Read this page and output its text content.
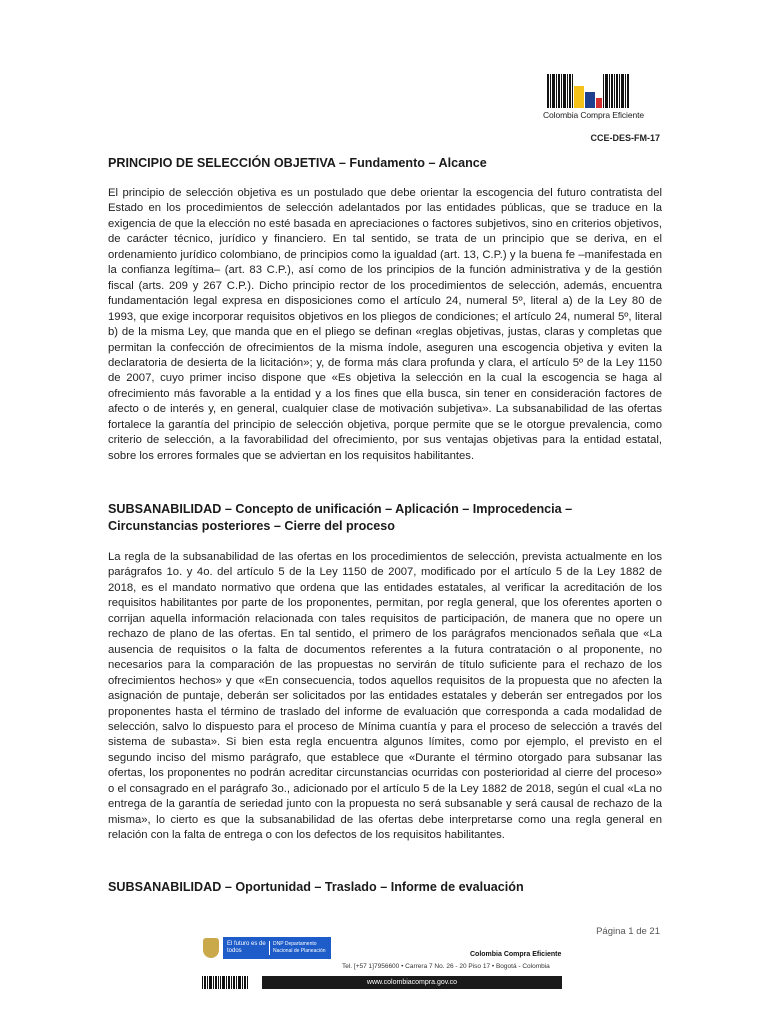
Colombia Compra Eficiente
CCE-DES-FM-17
PRINCIPIO DE SELECCIÓN OBJETIVA – Fundamento – Alcance
El principio de selección objetiva es un postulado que debe orientar la escogencia del futuro contratista del Estado en los procedimientos de selección adelantados por las entidades públicas, que se traduce en la exigencia de que la elección no esté basada en apreciaciones o factores subjetivos, sino en criterios objetivos, de carácter técnico, jurídico y financiero. En tal sentido, se trata de un principio que se deriva, en el ordenamiento jurídico colombiano, de principios como la igualdad (art. 13, C.P.) y la buena fe –manifestada en la confianza legítima– (art. 83 C.P.), así como de los principios de la función administrativa y de la gestión fiscal (arts. 209 y 267 C.P.). Dicho principio rector de los procedimientos de selección, además, encuentra fundamentación legal expresa en disposiciones como el artículo 24, numeral 5º, literal a) de la Ley 80 de 1993, que exige incorporar requisitos objetivos en los pliegos de condiciones; el artículo 24, numeral 5º, literal b) de la misma Ley, que manda que en el pliego se definan «reglas objetivas, justas, claras y completas que permitan la confección de ofrecimientos de la misma índole, aseguren una escogencia objetiva y eviten la declaratoria de desierta de la licitación»; y, de forma más clara profunda y clara, el artículo 5º de la Ley 1150 de 2007, cuyo primer inciso dispone que «Es objetiva la selección en la cual la escogencia se haga al ofrecimiento más favorable a la entidad y a los fines que ella busca, sin tener en consideración factores de afecto o de interés y, en general, cualquier clase de motivación subjetiva». La subsanabilidad de las ofertas fortalece la garantía del principio de selección objetiva, porque permite que se le otorgue prevalencia, como criterio de selección, a la favorabilidad del ofrecimiento, por sus ventajas objetivas para la entidad estatal, sobre los errores formales que se adviertan en los requisitos habilitantes.
SUBSANABILIDAD – Concepto de unificación – Aplicación – Improcedencia – Circunstancias posteriores – Cierre del proceso
La regla de la subsanabilidad de las ofertas en los procedimientos de selección, prevista actualmente en los parágrafos 1o. y 4o. del artículo 5 de la Ley 1150 de 2007, modificado por el artículo 5 de la Ley 1882 de 2018, es el mandato normativo que ordena que las entidades estatales, al verificar la acreditación de los requisitos habilitantes por parte de los proponentes, permitan, por regla general, que los oferentes aporten o corrijan aquella información relacionada con tales requisitos de participación, de manera que no opere un rechazo de plano de las ofertas. En tal sentido, el primero de los parágrafos mencionados señala que «La ausencia de requisitos o la falta de documentos referentes a la futura contratación o al proponente, no necesarios para la comparación de las propuestas no servirán de título suficiente para el rechazo de los ofrecimientos hechos» y que «En consecuencia, todos aquellos requisitos de la propuesta que no afecten la asignación de puntaje, deberán ser solicitados por las entidades estatales y deberán ser entregados por los proponentes hasta el término de traslado del informe de evaluación que corresponda a cada modalidad de selección, salvo lo dispuesto para el proceso de Mínima cuantía y para el proceso de selección a través del sistema de subasta». Si bien esta regla encuentra algunos límites, como por ejemplo, el previsto en el segundo inciso del mismo parágrafo, que establece que «Durante el término otorgado para subsanar las ofertas, los proponentes no podrán acreditar circunstancias ocurridas con posterioridad al cierre del proceso» o el consagrado en el parágrafo 3o., adicionado por el artículo 5 de la Ley 1882 de 2018, según el cual «La no entrega de la garantía de seriedad junto con la propuesta no será subsanable y será causal de rechazo de la misma», lo cierto es que la subsanabilidad de las ofertas debe interpretarse como una regla general en relación con la falta de entrega o con los defectos de los requisitos habilitantes.
SUBSANABILIDAD – Oportunidad – Traslado – Informe de evaluación
Página 1 de 21
El futuro es de todos
DNP Departamento Nacional de Planeación	Colombia Compra Eficiente
Tel. [+57 1]7956600 • Carrera 7 No. 26 - 20 Piso 17 • Bogotá - Colombia
www.colombiacompra.gov.co
